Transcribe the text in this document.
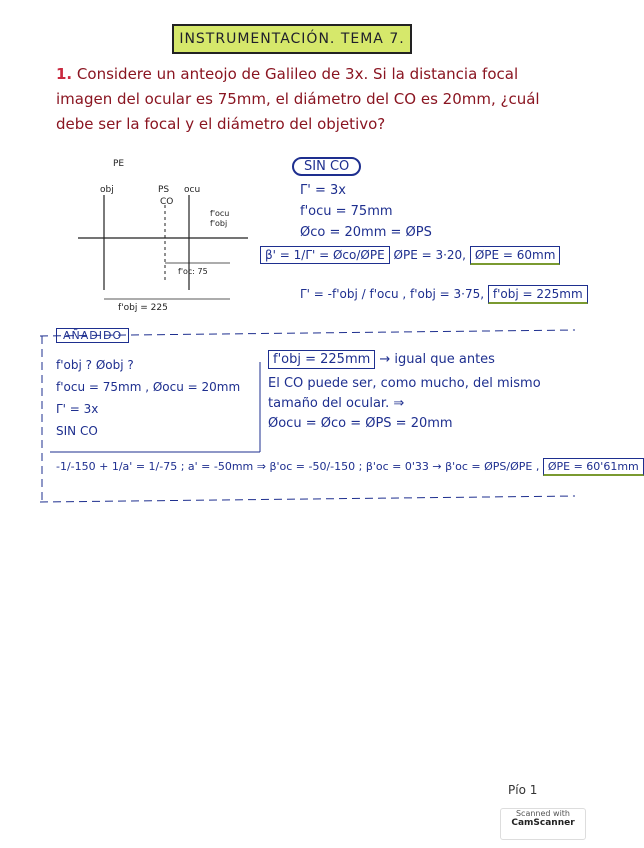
INSTRUMENTACIÓN. TEMA 7.
1. Considere un anteojo de Galileo de 3x. Si la distancia focal imagen del ocular es 75mm, el diámetro del CO es 20mm, ¿cuál debe ser la focal y el diámetro del objetivo?
PE
obj	PS ocu
CO
f'ocu
f'obj
f'oc: 75
f'obj = 225
SIN CO
Γ' = 3x
f'ocu = 75mm
Øco = 20mm = ØPS
β' = 1/Γ' = Øco/ØPE ØPE = 3·20, ØPE = 60mm
Γ' = -f'obj / f'ocu , f'obj = 3·75, f'obj = 225mm
AÑADIDO
f'obj ? Øobj ?
f'ocu = 75mm , Øocu = 20mm
Γ' = 3x
SIN CO
f'obj = 225mm → igual que antes
El CO puede ser, como mucho, del mismo tamaño del ocular. ⇒
Øocu = Øco = ØPS = 20mm
-1/-150 + 1/a' = 1/-75 ; a' = -50mm ⇒ β'oc = -50/-150 ; β'oc = 0'33 → β'oc = ØPS/ØPE , ØPE = 60'61mm
Pío 1
Scanned with
CamScanner
